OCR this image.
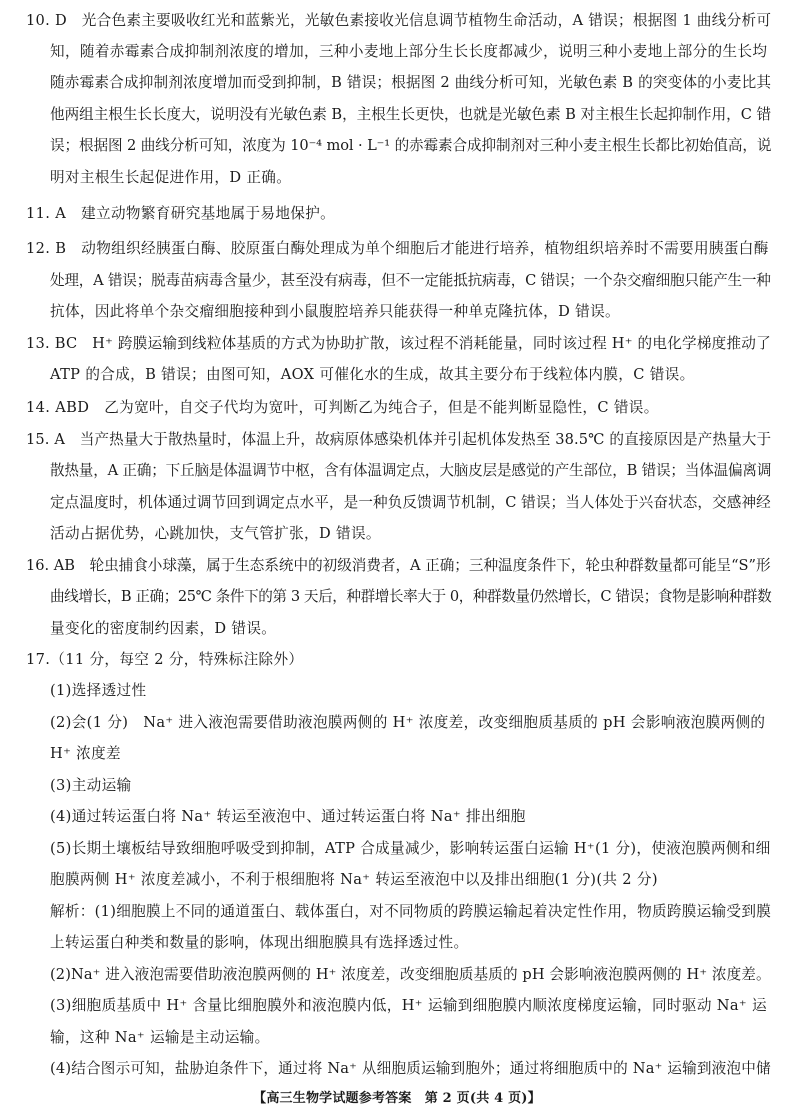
10. D　光合色素主要吸收红光和蓝紫光，光敏色素接收光信息调节植物生命活动，A 错误；根据图 1 曲线分析可
知，随着赤霉素合成抑制剂浓度的增加，三种小麦地上部分生长长度都减少，说明三种小麦地上部分的生长均
随赤霉素合成抑制剂浓度增加而受到抑制，B 错误；根据图 2 曲线分析可知，光敏色素 B 的突变体的小麦比其
他两组主根生长长度大，说明没有光敏色素 B，主根生长更快，也就是光敏色素 B 对主根生长起抑制作用，C 错
误；根据图 2 曲线分析可知，浓度为 10⁻⁴ mol · L⁻¹ 的赤霉素合成抑制剂对三种小麦主根生长都比初始值高，说
明对主根生长起促进作用，D 正确。
11. A　建立动物繁育研究基地属于易地保护。
12. B　动物组织经胰蛋白酶、胶原蛋白酶处理成为单个细胞后才能进行培养，植物组织培养时不需要用胰蛋白酶
处理，A 错误；脱毒苗病毒含量少，甚至没有病毒，但不一定能抵抗病毒，C 错误；一个杂交瘤细胞只能产生一种
抗体，因此将单个杂交瘤细胞接种到小鼠腹腔培养只能获得一种单克隆抗体，D 错误。
13. BC　H⁺ 跨膜运输到线粒体基质的方式为协助扩散，该过程不消耗能量，同时该过程 H⁺ 的电化学梯度推动了
ATP 的合成，B 错误；由图可知，AOX 可催化水的生成，故其主要分布于线粒体内膜，C 错误。
14. ABD　乙为宽叶，自交子代均为宽叶，可判断乙为纯合子，但是不能判断显隐性，C 错误。
15. A　当产热量大于散热量时，体温上升，故病原体感染机体并引起机体发热至 38.5℃ 的直接原因是产热量大于
散热量，A 正确；下丘脑是体温调节中枢，含有体温调定点，大脑皮层是感觉的产生部位，B 错误；当体温偏离调
定点温度时，机体通过调节回到调定点水平，是一种负反馈调节机制，C 错误；当人体处于兴奋状态，交感神经
活动占据优势，心跳加快，支气管扩张，D 错误。
16. AB　轮虫捕食小球藻，属于生态系统中的初级消费者，A 正确；三种温度条件下，轮虫种群数量都可能呈“S”形
曲线增长，B 正确；25℃ 条件下的第 3 天后，种群增长率大于 0，种群数量仍然增长，C 错误；食物是影响种群数
量变化的密度制约因素，D 错误。
17.（11 分，每空 2 分，特殊标注除外）
(1)选择透过性
(2)会(1 分)　Na⁺ 进入液泡需要借助液泡膜两侧的 H⁺ 浓度差，改变细胞质基质的 pH 会影响液泡膜两侧的
H⁺ 浓度差
(3)主动运输
(4)通过转运蛋白将 Na⁺ 转运至液泡中、通过转运蛋白将 Na⁺ 排出细胞
(5)长期土壤板结导致细胞呼吸受到抑制，ATP 合成量减少，影响转运蛋白运输 H⁺(1 分)，使液泡膜两侧和细
胞膜两侧 H⁺ 浓度差减小，不利于根细胞将 Na⁺ 转运至液泡中以及排出细胞(1 分)(共 2 分)
解析：(1)细胞膜上不同的通道蛋白、载体蛋白，对不同物质的跨膜运输起着决定性作用，物质跨膜运输受到膜
上转运蛋白种类和数量的影响，体现出细胞膜具有选择透过性。
(2)Na⁺ 进入液泡需要借助液泡膜两侧的 H⁺ 浓度差，改变细胞质基质的 pH 会影响液泡膜两侧的 H⁺ 浓度差。
(3)细胞质基质中 H⁺ 含量比细胞膜外和液泡膜内低，H⁺ 运输到细胞膜内顺浓度梯度运输，同时驱动 Na⁺ 运
输，这种 Na⁺ 运输是主动运输。
(4)结合图示可知，盐胁迫条件下，通过将 Na⁺ 从细胞质运输到胞外；通过将细胞质中的 Na⁺ 运输到液泡中储
【高三生物学试题参考答案　第 2 页(共 4 页)】
